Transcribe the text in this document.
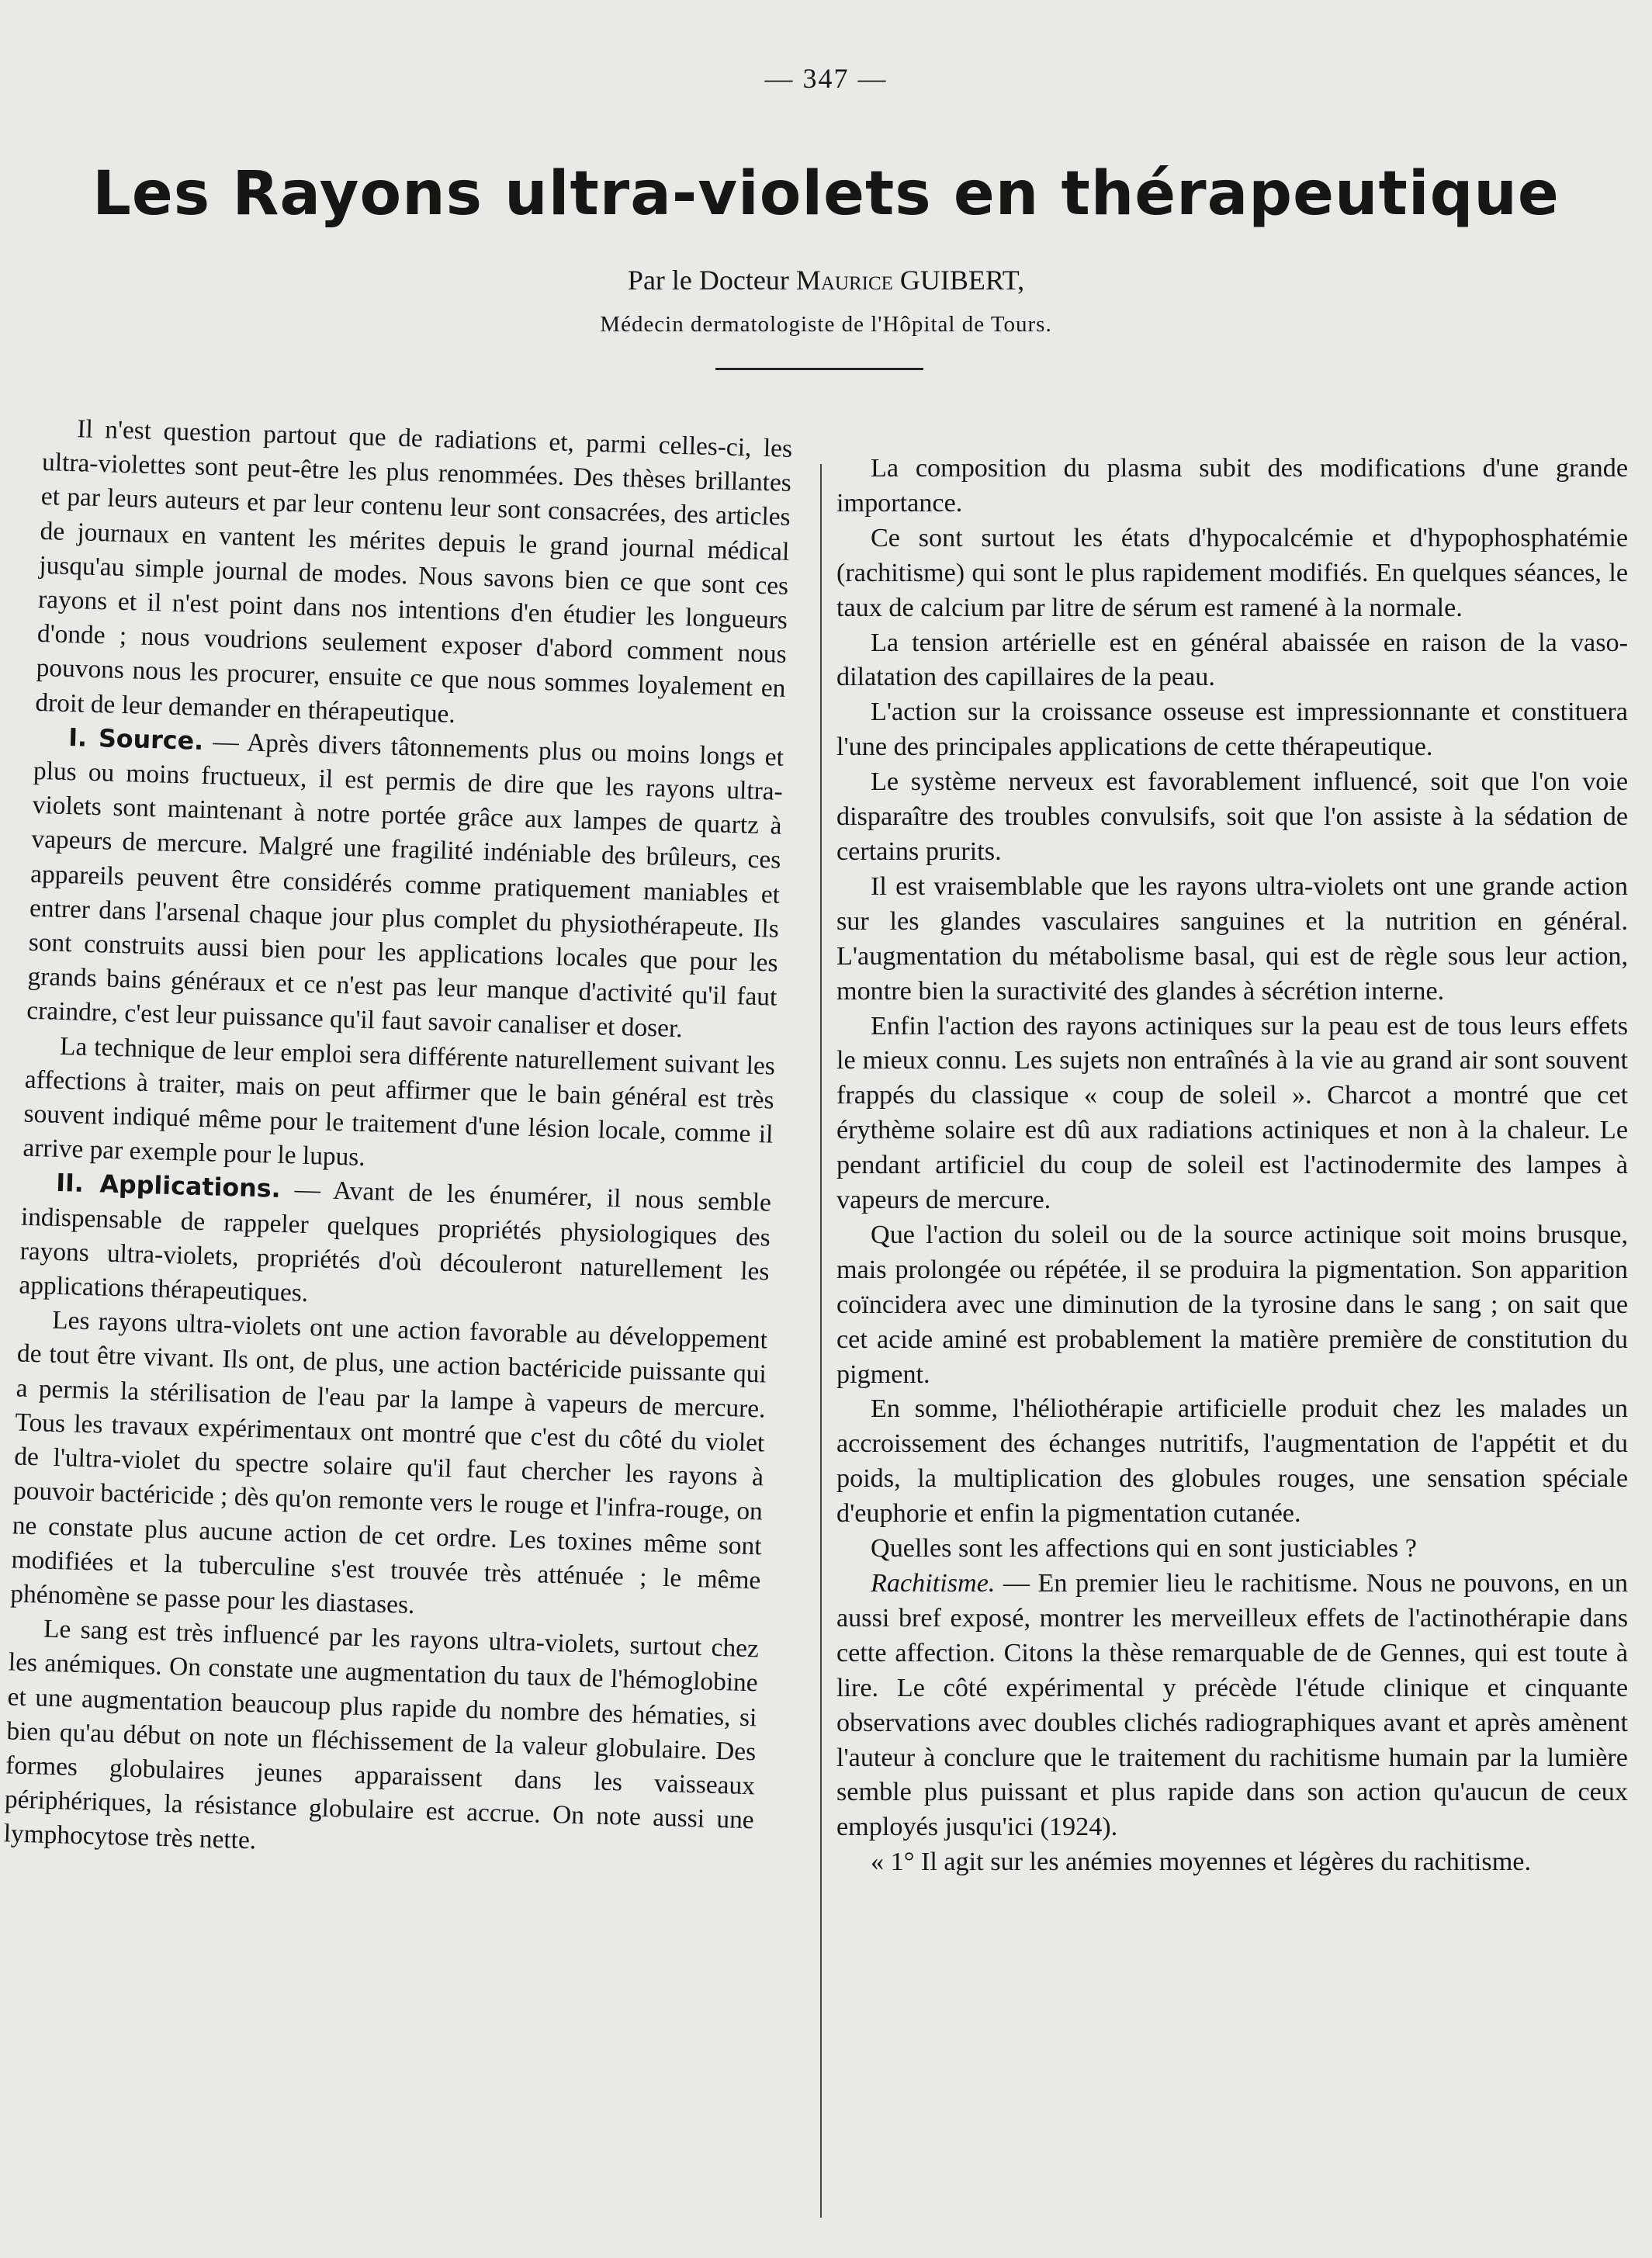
— 347 —
Les Rayons ultra-violets en thérapeutique
Par le Docteur Maurice GUIBERT,
Médecin dermatologiste de l'Hôpital de Tours.

Il n'est question partout que de radiations et, parmi celles-ci, les ultra-violettes sont peut-être les plus renommées. Des thèses brillantes et par leurs auteurs et par leur contenu leur sont consacrées, des articles de journaux en vantent les mérites depuis le grand journal médical jusqu'au simple journal de modes. Nous savons bien ce que sont ces rayons et il n'est point dans nos intentions d'en étudier les longueurs d'onde ; nous voudrions seulement exposer d'abord comment nous pouvons nous les procurer, ensuite ce que nous sommes loyalement en droit de leur demander en thérapeutique.

I. Source. — Après divers tâtonnements plus ou moins longs et plus ou moins fructueux, il est permis de dire que les rayons ultra-violets sont maintenant à notre portée grâce aux lampes de quartz à vapeurs de mercure. Malgré une fragilité indéniable des brûleurs, ces appareils peuvent être considérés comme pratiquement maniables et entrer dans l'arsenal chaque jour plus complet du physiothérapeute. Ils sont construits aussi bien pour les applications locales que pour les grands bains généraux et ce n'est pas leur manque d'activité qu'il faut craindre, c'est leur puissance qu'il faut savoir canaliser et doser.

La technique de leur emploi sera différente naturellement suivant les affections à traiter, mais on peut affirmer que le bain général est très souvent indiqué même pour le traitement d'une lésion locale, comme il arrive par exemple pour le lupus.

II. Applications. — Avant de les énumérer, il nous semble indispensable de rappeler quelques propriétés physiologiques des rayons ultra-violets, propriétés d'où découleront naturellement les applications thérapeutiques.

Les rayons ultra-violets ont une action favorable au développement de tout être vivant. Ils ont, de plus, une action bactéricide puissante qui a permis la stérilisation de l'eau par la lampe à vapeurs de mercure. Tous les travaux expérimentaux ont montré que c'est du côté du violet de l'ultra-violet du spectre solaire qu'il faut chercher les rayons à pouvoir bactéricide ; dès qu'on remonte vers le rouge et l'infra-rouge, on ne constate plus aucune action de cet ordre. Les toxines même sont modifiées et la tuberculine s'est trouvée très atténuée ; le même phénomène se passe pour les diastases.

Le sang est très influencé par les rayons ultra-violets, surtout chez les anémiques. On constate une augmentation du taux de l'hémoglobine et une augmentation beaucoup plus rapide du nombre des hématies, si bien qu'au début on note un fléchissement de la valeur globulaire. Des formes globulaires jeunes apparaissent dans les vaisseaux périphériques, la résistance globulaire est accrue. On note aussi une lymphocytose très nette.

La composition du plasma subit des modifications d'une grande importance.

Ce sont surtout les états d'hypocalcémie et d'hypophosphatémie (rachitisme) qui sont le plus rapidement modifiés. En quelques séances, le taux de calcium par litre de sérum est ramené à la normale.

La tension artérielle est en général abaissée en raison de la vaso-dilatation des capillaires de la peau.

L'action sur la croissance osseuse est impressionnante et constituera l'une des principales applications de cette thérapeutique.

Le système nerveux est favorablement influencé, soit que l'on voie disparaître des troubles convulsifs, soit que l'on assiste à la sédation de certains prurits.

Il est vraisemblable que les rayons ultra-violets ont une grande action sur les glandes vasculaires sanguines et la nutrition en général. L'augmentation du métabolisme basal, qui est de règle sous leur action, montre bien la suractivité des glandes à sécrétion interne.

Enfin l'action des rayons actiniques sur la peau est de tous leurs effets le mieux connu. Les sujets non entraînés à la vie au grand air sont souvent frappés du classique « coup de soleil ». Charcot a montré que cet érythème solaire est dû aux radiations actiniques et non à la chaleur. Le pendant artificiel du coup de soleil est l'actinodermite des lampes à vapeurs de mercure.

Que l'action du soleil ou de la source actinique soit moins brusque, mais prolongée ou répétée, il se produira la pigmentation. Son apparition coïncidera avec une diminution de la tyrosine dans le sang ; on sait que cet acide aminé est probablement la matière première de constitution du pigment.

En somme, l'héliothérapie artificielle produit chez les malades un accroissement des échanges nutritifs, l'augmentation de l'appétit et du poids, la multiplication des globules rouges, une sensation spéciale d'euphorie et enfin la pigmentation cutanée.

Quelles sont les affections qui en sont justiciables ?

Rachitisme. — En premier lieu le rachitisme. Nous ne pouvons, en un aussi bref exposé, montrer les merveilleux effets de l'actinothérapie dans cette affection. Citons la thèse remarquable de de Gennes, qui est toute à lire. Le côté expérimental y précède l'étude clinique et cinquante observations avec doubles clichés radiographiques avant et après amènent l'auteur à conclure que le traitement du rachitisme humain par la lumière semble plus puissant et plus rapide dans son action qu'aucun de ceux employés jusqu'ici (1924).

« 1° Il agit sur les anémies moyennes et légères du rachitisme.
